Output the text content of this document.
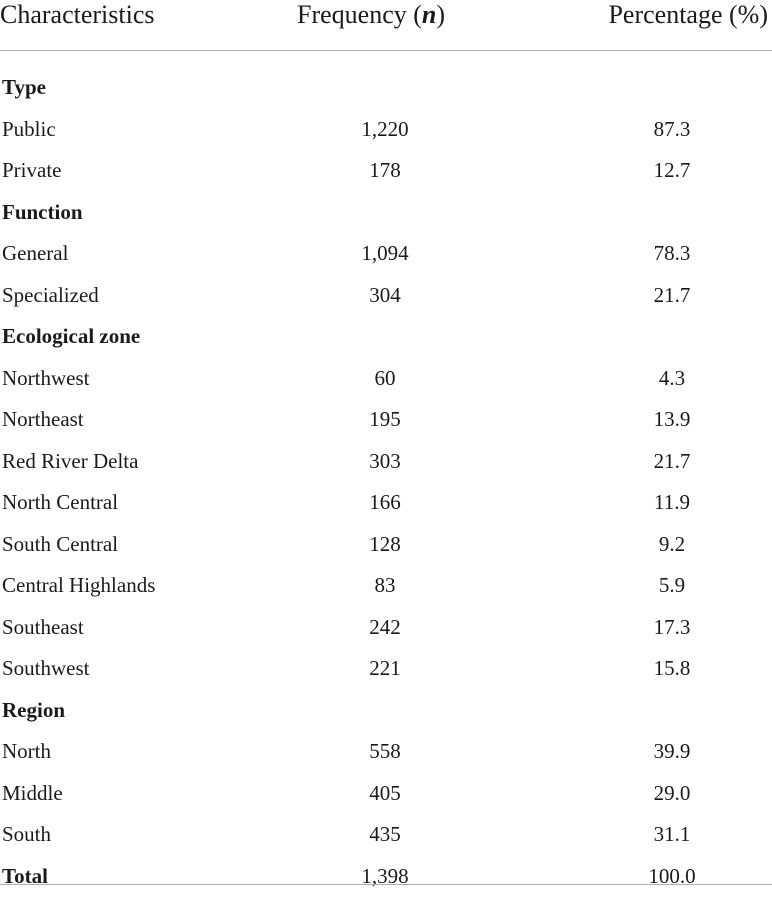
Characteristics	Frequency (n)	Percentage (%)
Type
Public	1,220	87.3
Private	178	12.7
Function
General	1,094	78.3
Specialized	304	21.7
Ecological zone
Northwest	60	4.3
Northeast	195	13.9
Red River Delta	303	21.7
North Central	166	11.9
South Central	128	9.2
Central Highlands	83	5.9
Southeast	242	17.3
Southwest	221	15.8
Region
North	558	39.9
Middle	405	29.0
South	435	31.1
Total	1,398	100.0
